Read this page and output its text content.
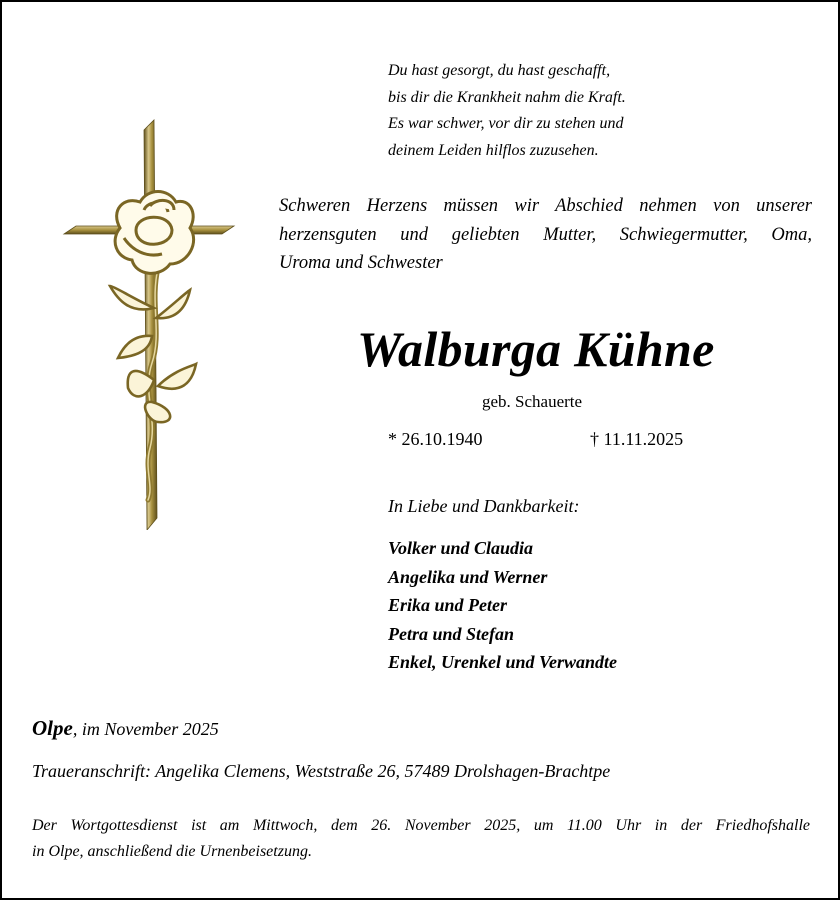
Du hast gesorgt, du hast geschafft,
bis dir die Krankheit nahm die Kraft.
Es war schwer, vor dir zu stehen und
deinem Leiden hilflos zuzusehen.
Schweren Herzens müssen wir Abschied nehmen von unserer
herzensguten und geliebten Mutter, Schwiegermutter, Oma,
Uroma und Schwester
Walburga Kühne
geb. Schauerte
* 26.10.1940	† 11.11.2025
In Liebe und Dankbarkeit:
Volker und Claudia
Angelika und Werner
Erika und Peter
Petra und Stefan
Enkel, Urenkel und Verwandte
Olpe, im November 2025
Traueranschrift: Angelika Clemens, Weststraße 26, 57489 Drolshagen-Brachtpe
Der Wortgottesdienst ist am Mittwoch, dem 26. November 2025, um 11.00 Uhr in der Friedhofshalle
in Olpe, anschließend die Urnenbeisetzung.
